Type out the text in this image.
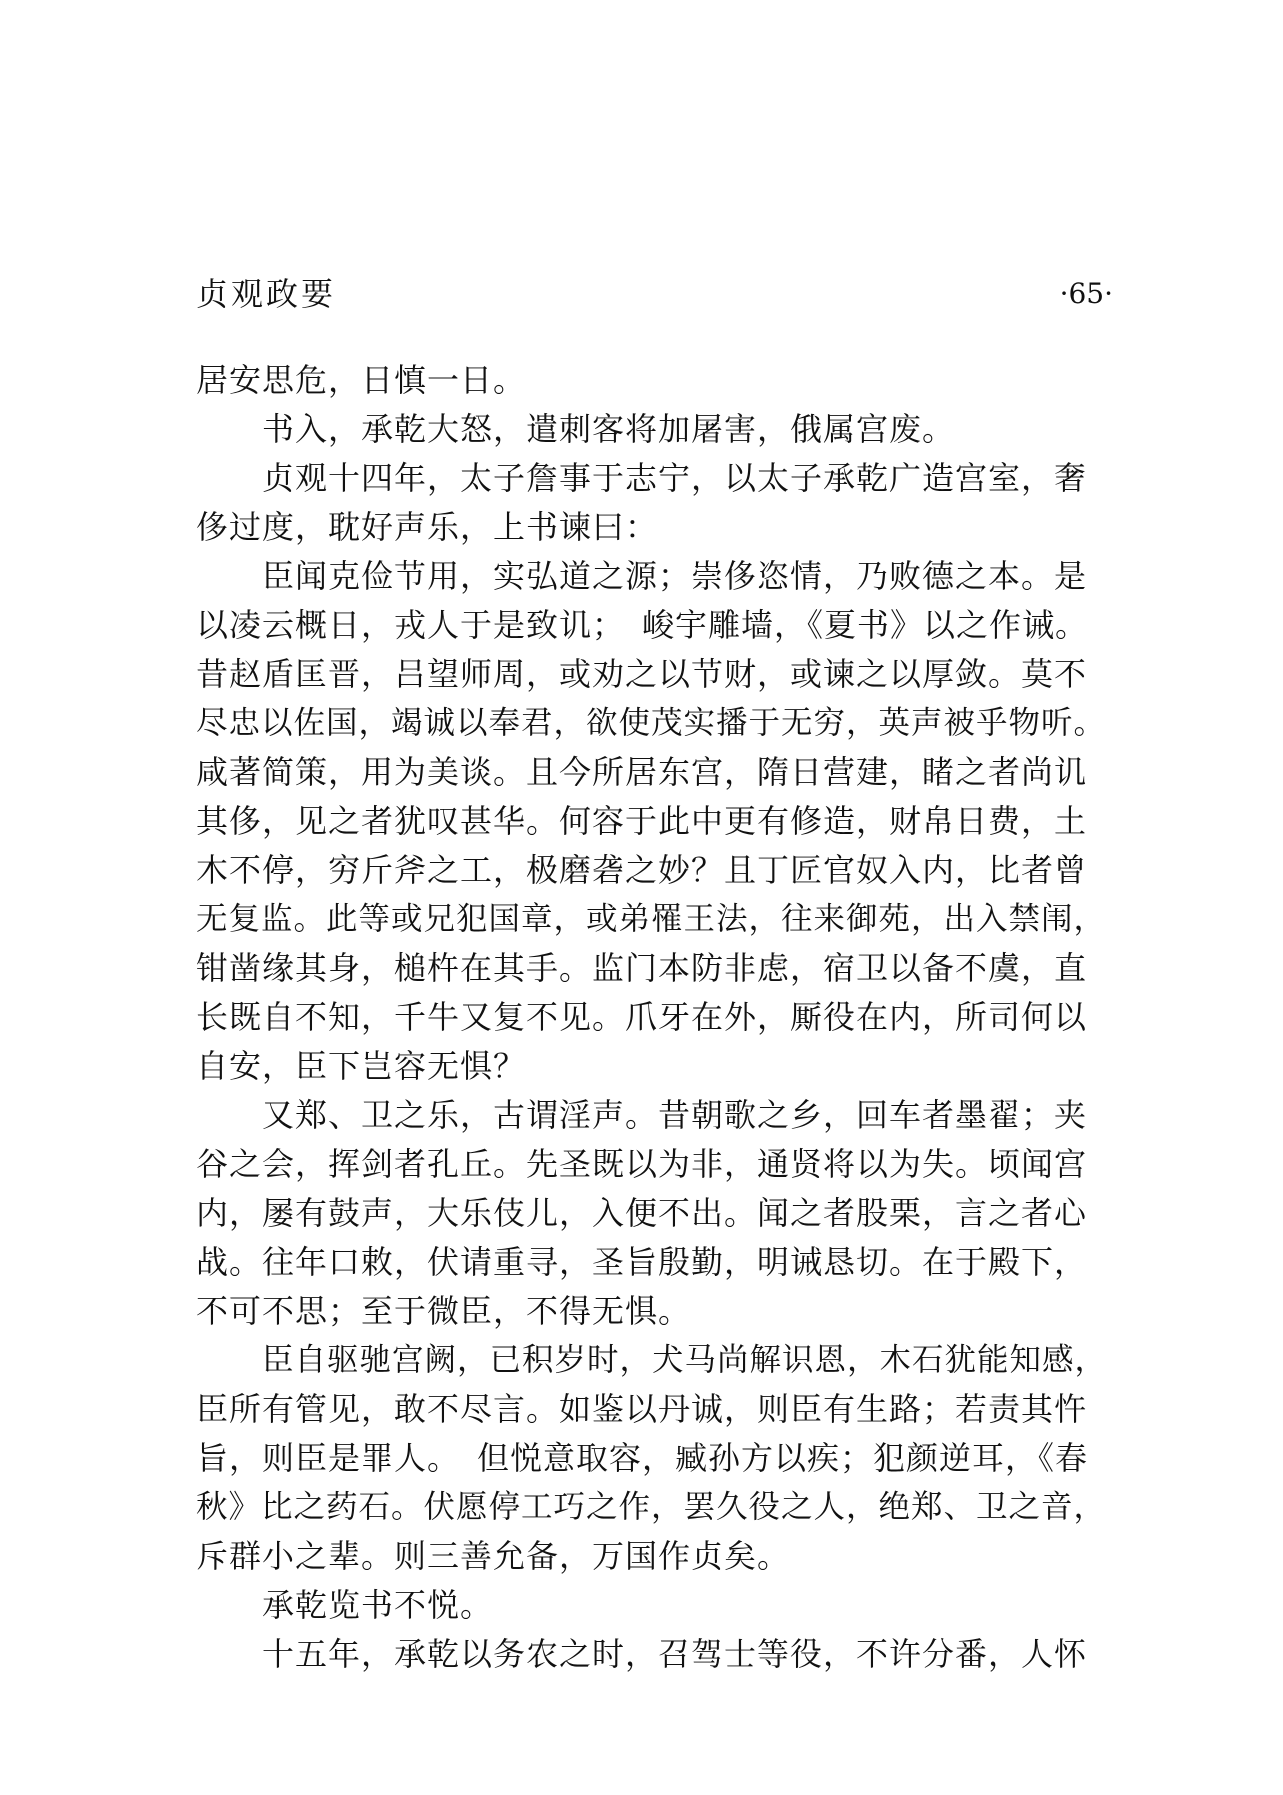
贞观政要	·65·
居安思危，日慎一日。
书入，承乾大怒，遣刺客将加屠害，俄属宫废。
贞观十四年，太子詹事于志宁，以太子承乾广造宫室，奢
侈过度，耽好声乐，上书谏曰：
臣闻克俭节用，实弘道之源；崇侈恣情，乃败德之本。是
以凌云概日，戎人于是致讥；　峻宇雕墙，《夏书》以之作诫。
昔赵盾匡晋，吕望师周，或劝之以节财，或谏之以厚敛。莫不
尽忠以佐国，竭诚以奉君，欲使茂实播于无穷，英声被乎物听。
咸著简策，用为美谈。且今所居东宫，隋日营建，睹之者尚讥
其侈，见之者犹叹甚华。何容于此中更有修造，财帛日费，土
木不停，穷斤斧之工，极磨砻之妙？且丁匠官奴入内，比者曾
无复监。此等或兄犯国章，或弟罹王法，往来御苑，出入禁闱，
钳凿缘其身，槌杵在其手。监门本防非虑，宿卫以备不虞，直
长既自不知，千牛又复不见。爪牙在外，厮役在内，所司何以
自安，臣下岂容无惧？
又郑、卫之乐，古谓淫声。昔朝歌之乡，回车者墨翟；夹
谷之会，挥剑者孔丘。先圣既以为非，通贤将以为失。顷闻宫
内，屡有鼓声，大乐伎儿，入便不出。闻之者股栗，言之者心
战。往年口敕，伏请重寻，圣旨殷勤，明诫恳切。在于殿下，
不可不思；至于微臣，不得无惧。
臣自驱驰宫阙，已积岁时，犬马尚解识恩，木石犹能知感，
臣所有管见，敢不尽言。如鉴以丹诚，则臣有生路；若责其忤
旨，则臣是罪人。　但悦意取容，臧孙方以疾；犯颜逆耳，《春
秋》比之药石。伏愿停工巧之作，罢久役之人，绝郑、卫之音，
斥群小之辈。则三善允备，万国作贞矣。
承乾览书不悦。
十五年，承乾以务农之时，召驾士等役，不许分番，人怀
